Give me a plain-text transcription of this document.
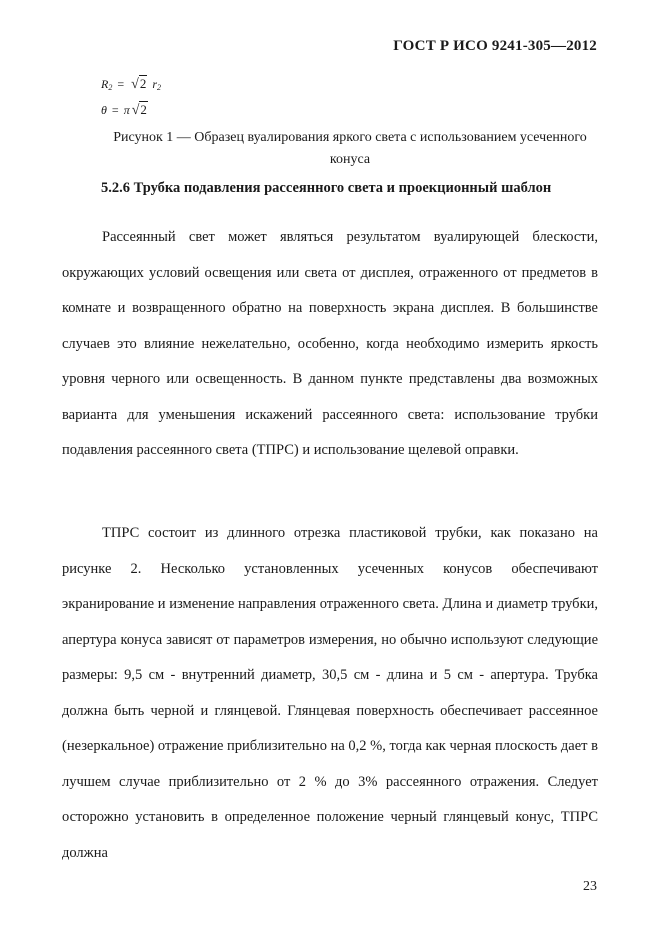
ГОСТ Р ИСО 9241-305—2012
$R_2 = √2$ $r_2$
θ = π √2
Рисунок 1 — Образец вуалирования яркого света с использованием усеченного конуса
5.2.6 Трубка подавления рассеянного света и проекционный шаблон

Рассеянный свет может являться результатом вуалирующей блескости, окружающих условий освещения или света от дисплея, отраженного от предметов в комнате и возвращенного обратно на поверхность экрана дисплея. В большинстве случаев это влияние нежелательно, особенно, когда необходимо измерить яркость уровня черного или освещенность. В данном пункте представлены два возможных варианта для уменьшения искажений рассеянного света: использование трубки подавления рассеянного света (ТПРС) и использование щелевой оправки.

ТПРС состоит из длинного отрезка пластиковой трубки, как показано на рисунке 2. Несколько установленных усеченных конусов обеспечивают экранирование и изменение направления отраженного света. Длина и диаметр трубки, апертура конуса зависят от параметров измерения, но обычно используют следующие размеры: 9,5 см - внутренний диаметр, 30,5 см - длина и 5 см - апертура. Трубка должна быть черной и глянцевой. Глянцевая поверхность обеспечивает рассеянное (незеркальное) отражение приблизительно на 0,2 %, тогда как черная плоскость дает в лучшем случае приблизительно от 2 % до 3% рассеянного отражения. Следует осторожно установить в определенное положение черный глянцевый конус, ТПРС должна

23
